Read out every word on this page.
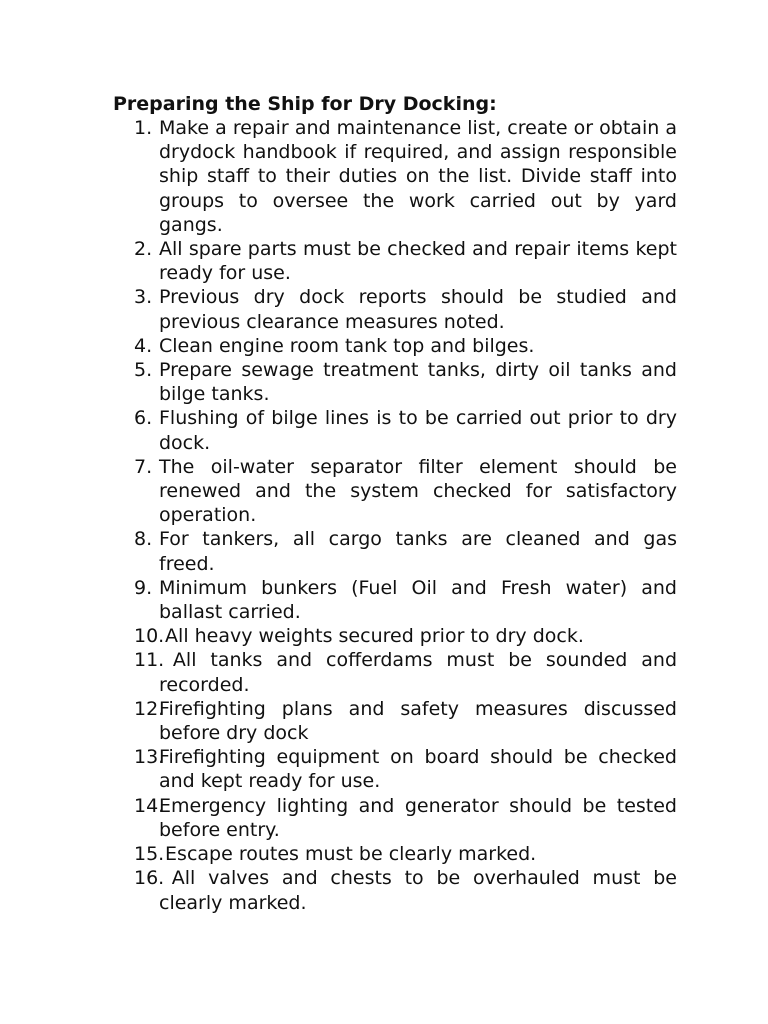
Preparing the Ship for Dry Docking:
1. Make a repair and maintenance list, create or obtain a drydock handbook if required, and assign responsible ship staff to their duties on the list. Divide staff into groups to oversee the work carried out by yard gangs.
2. All spare parts must be checked and repair items kept ready for use.
3. Previous dry dock reports should be studied and previous clearance measures noted.
4. Clean engine room tank top and bilges.
5. Prepare sewage treatment tanks, dirty oil tanks and bilge tanks.
6. Flushing of bilge lines is to be carried out prior to dry dock.
7. The oil-water separator filter element should be renewed and the system checked for satisfactory operation.
8. For tankers, all cargo tanks are cleaned and gas freed.
9. Minimum bunkers (Fuel Oil and Fresh water) and ballast carried.
10.
All heavy weights secured prior to dry dock.
11.
All tanks and cofferdams must be sounded and recorded.
12.
Firefighting plans and safety measures discussed before dry dock
13.
Firefighting equipment on board should be checked and kept ready for use.
14.
Emergency lighting and generator should be tested before entry.
15.
Escape routes must be clearly marked.
16.
All valves and chests to be overhauled must be clearly marked.
